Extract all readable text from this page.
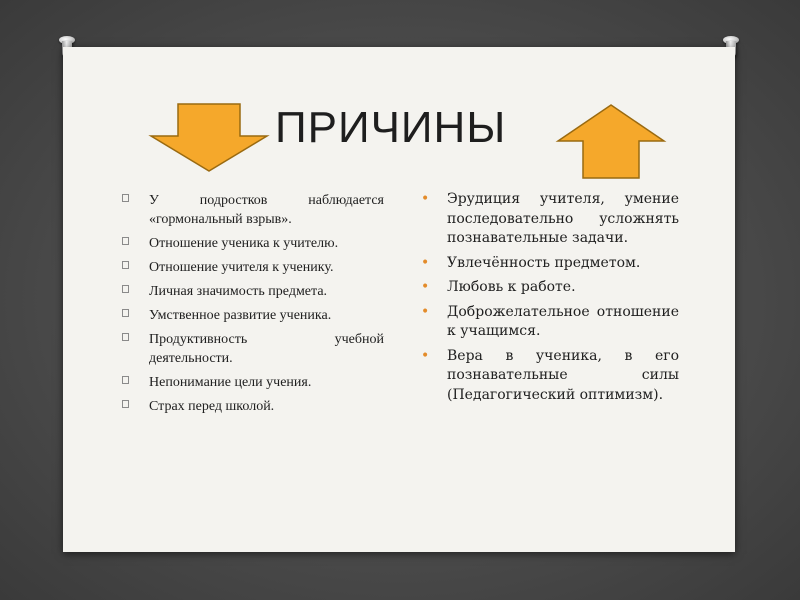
ПРИЧИНЫ
У подростков наблюдается «гормональный взрыв».
Отношение ученика к учителю.
Отношение учителя к ученику.
Личная значимость предмета.
Умственное развитие ученика.
Продуктивность учебной деятельности.
Непонимание цели учения.
Страх перед школой.
• Эрудиция учителя, умение последовательно усложнять познавательные задачи.
• Увлечённость предметом.
• Любовь к работе.
• Доброжелательное отношение к учащимся.
• Вера в ученика, в его познавательные силы (Педагогический оптимизм).
